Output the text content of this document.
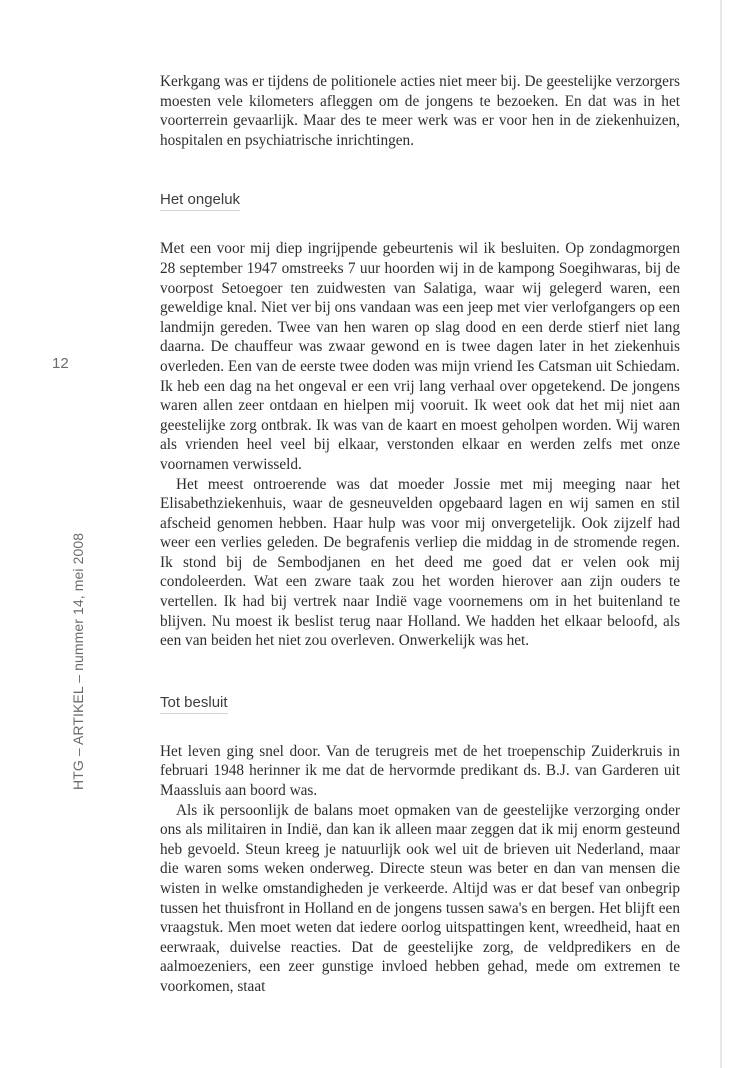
12
HTG – ARTIKEL – nummer 14, mei 2008

Kerkgang was er tijdens de politionele acties niet meer bij. De geestelijke verzorgers moesten vele kilometers afleggen om de jongens te bezoeken. En dat was in het voorterrein gevaarlijk. Maar des te meer werk was er voor hen in de ziekenhuizen, hospitalen en psychiatrische inrichtingen.

Het ongeluk

Met een voor mij diep ingrijpende gebeurtenis wil ik besluiten. Op zondagmorgen 28 september 1947 omstreeks 7 uur hoorden wij in de kampong Soegihwaras, bij de voorpost Setoegoer ten zuidwesten van Salatiga, waar wij gelegerd waren, een geweldige knal. Niet ver bij ons vandaan was een jeep met vier verlofgangers op een landmijn gereden. Twee van hen waren op slag dood en een derde stierf niet lang daarna. De chauffeur was zwaar gewond en is twee dagen later in het ziekenhuis overleden. Een van de eerste twee doden was mijn vriend Ies Catsman uit Schiedam. Ik heb een dag na het ongeval er een vrij lang verhaal over opgetekend. De jongens waren allen zeer ontdaan en hielpen mij vooruit. Ik weet ook dat het mij niet aan geestelijke zorg ontbrak. Ik was van de kaart en moest geholpen worden. Wij waren als vrienden heel veel bij elkaar, verstonden elkaar en werden zelfs met onze voornamen verwisseld.

Het meest ontroerende was dat moeder Jossie met mij meeging naar het Elisabethziekenhuis, waar de gesneuvelden opgebaard lagen en wij samen en stil afscheid genomen hebben. Haar hulp was voor mij onvergetelijk. Ook zijzelf had weer een verlies geleden. De begrafenis verliep die middag in de stromende regen. Ik stond bij de Sembodjanen en het deed me goed dat er velen ook mij condoleerden. Wat een zware taak zou het worden hierover aan zijn ouders te vertellen. Ik had bij vertrek naar Indië vage voornemens om in het buitenland te blijven. Nu moest ik beslist terug naar Holland. We hadden het elkaar beloofd, als een van beiden het niet zou overleven. Onwerkelijk was het.

Tot besluit

Het leven ging snel door. Van de terugreis met de het troepenschip Zuiderkruis in februari 1948 herinner ik me dat de hervormde predikant ds. B.J. van Garderen uit Maassluis aan boord was.

Als ik persoonlijk de balans moet opmaken van de geestelijke verzorging onder ons als militairen in Indië, dan kan ik alleen maar zeggen dat ik mij enorm gesteund heb gevoeld. Steun kreeg je natuurlijk ook wel uit de brieven uit Nederland, maar die waren soms weken onderweg. Directe steun was beter en dan van mensen die wisten in welke omstandigheden je verkeerde. Altijd was er dat besef van onbegrip tussen het thuisfront in Holland en de jongens tussen sawa's en bergen. Het blijft een vraagstuk. Men moet weten dat iedere oorlog uitspattingen kent, wreedheid, haat en eerwraak, duivelse reacties. Dat de geestelijke zorg, de veldpredikers en de aalmoezeniers, een zeer gunstige invloed hebben gehad, mede om extremen te voorkomen, staat
